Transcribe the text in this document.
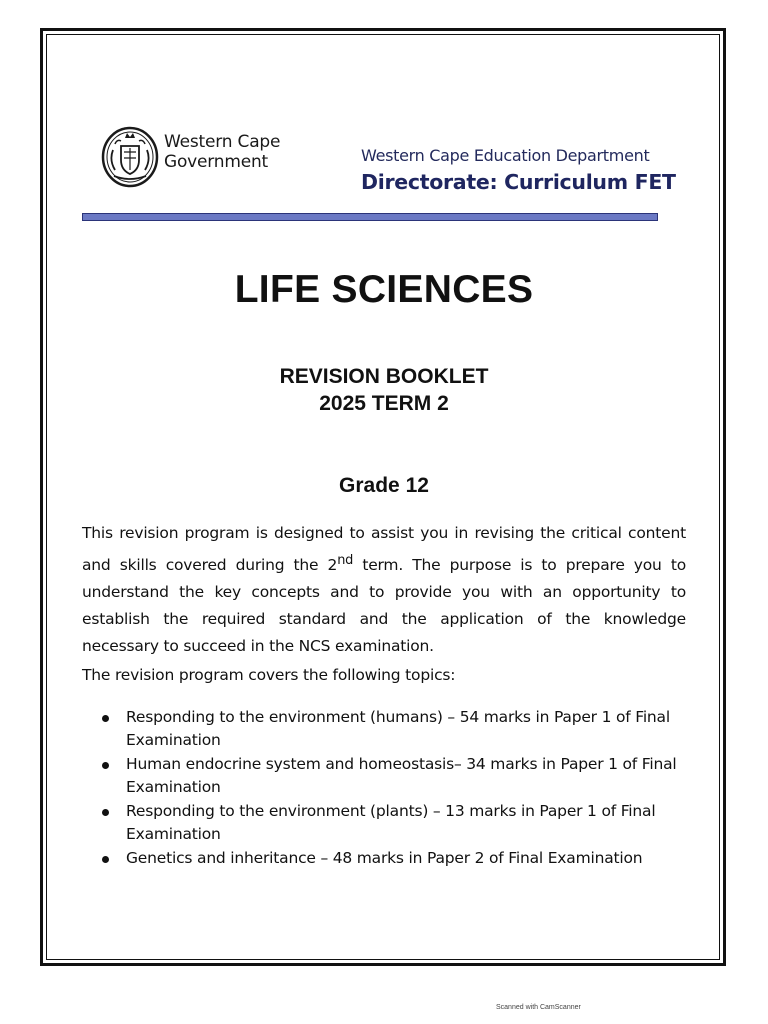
Western Cape
Government	Western Cape Education Department
Directorate: Curriculum FET
LIFE SCIENCES
REVISION BOOKLET
2025 TERM 2
Grade 12
This revision program is designed to assist you in revising the critical content and skills covered during the 2nd term. The purpose is to prepare you to understand the key concepts and to provide you with an opportunity to establish the required standard and the application of the knowledge necessary to succeed in the NCS examination.
The revision program covers the following topics:
Responding to the environment (humans) – 54 marks in Paper 1 of Final Examination
Human endocrine system and homeostasis– 34 marks in Paper 1 of Final Examination
Responding to the environment (plants) – 13 marks in Paper 1 of Final Examination
Genetics and inheritance – 48 marks in Paper 2 of Final Examination
Scanned with CamScanner
